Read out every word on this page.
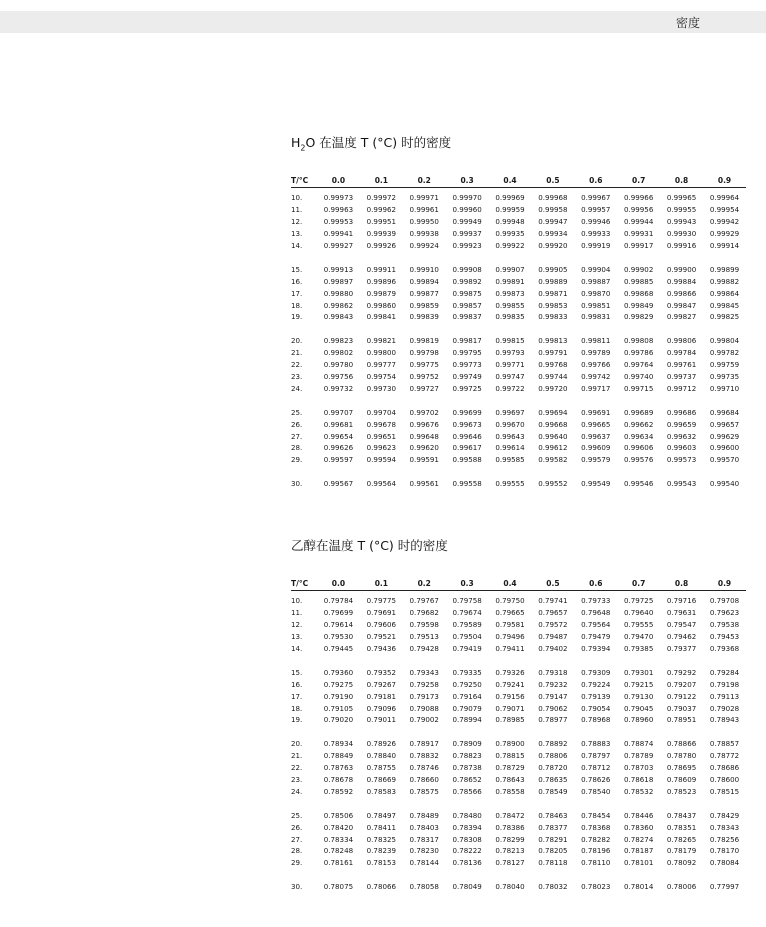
密度
$H_2O$ 在温度 T (°C) 时的密度
T/°C	0.0	0.1	0.2	0.3	0.4	0.5	0.6	0.7	0.8	0.9
10.	0.99973	0.99972	0.99971	0.99970	0.99969	0.99968	0.99967	0.99966	0.99965	0.99964
11.	0.99963	0.99962	0.99961	0.99960	0.99959	0.99958	0.99957	0.99956	0.99955	0.99954
12.	0.99953	0.99951	0.99950	0.99949	0.99948	0.99947	0.99946	0.99944	0.99943	0.99942
13.	0.99941	0.99939	0.99938	0.99937	0.99935	0.99934	0.99933	0.99931	0.99930	0.99929
14.	0.99927	0.99926	0.99924	0.99923	0.99922	0.99920	0.99919	0.99917	0.99916	0.99914

15.	0.99913	0.99911	0.99910	0.99908	0.99907	0.99905	0.99904	0.99902	0.99900	0.99899
16.	0.99897	0.99896	0.99894	0.99892	0.99891	0.99889	0.99887	0.99885	0.99884	0.99882
17.	0.99880	0.99879	0.99877	0.99875	0.99873	0.99871	0.99870	0.99868	0.99866	0.99864
18.	0.99862	0.99860	0.99859	0.99857	0.99855	0.99853	0.99851	0.99849	0.99847	0.99845
19.	0.99843	0.99841	0.99839	0.99837	0.99835	0.99833	0.99831	0.99829	0.99827	0.99825

20.	0.99823	0.99821	0.99819	0.99817	0.99815	0.99813	0.99811	0.99808	0.99806	0.99804
21.	0.99802	0.99800	0.99798	0.99795	0.99793	0.99791	0.99789	0.99786	0.99784	0.99782
22.	0.99780	0.99777	0.99775	0.99773	0.99771	0.99768	0.99766	0.99764	0.99761	0.99759
23.	0.99756	0.99754	0.99752	0.99749	0.99747	0.99744	0.99742	0.99740	0.99737	0.99735
24.	0.99732	0.99730	0.99727	0.99725	0.99722	0.99720	0.99717	0.99715	0.99712	0.99710

25.	0.99707	0.99704	0.99702	0.99699	0.99697	0.99694	0.99691	0.99689	0.99686	0.99684
26.	0.99681	0.99678	0.99676	0.99673	0.99670	0.99668	0.99665	0.99662	0.99659	0.99657
27.	0.99654	0.99651	0.99648	0.99646	0.99643	0.99640	0.99637	0.99634	0.99632	0.99629
28.	0.99626	0.99623	0.99620	0.99617	0.99614	0.99612	0.99609	0.99606	0.99603	0.99600
29.	0.99597	0.99594	0.99591	0.99588	0.99585	0.99582	0.99579	0.99576	0.99573	0.99570

30.	0.99567	0.99564	0.99561	0.99558	0.99555	0.99552	0.99549	0.99546	0.99543	0.99540
乙醇在温度 T (°C) 时的密度
T/°C	0.0	0.1	0.2	0.3	0.4	0.5	0.6	0.7	0.8	0.9
10.	0.79784	0.79775	0.79767	0.79758	0.79750	0.79741	0.79733	0.79725	0.79716	0.79708
11.	0.79699	0.79691	0.79682	0.79674	0.79665	0.79657	0.79648	0.79640	0.79631	0.79623
12.	0.79614	0.79606	0.79598	0.79589	0.79581	0.79572	0.79564	0.79555	0.79547	0.79538
13.	0.79530	0.79521	0.79513	0.79504	0.79496	0.79487	0.79479	0.79470	0.79462	0.79453
14.	0.79445	0.79436	0.79428	0.79419	0.79411	0.79402	0.79394	0.79385	0.79377	0.79368

15.	0.79360	0.79352	0.79343	0.79335	0.79326	0.79318	0.79309	0.79301	0.79292	0.79284
16.	0.79275	0.79267	0.79258	0.79250	0.79241	0.79232	0.79224	0.79215	0.79207	0.79198
17.	0.79190	0.79181	0.79173	0.79164	0.79156	0.79147	0.79139	0.79130	0.79122	0.79113
18.	0.79105	0.79096	0.79088	0.79079	0.79071	0.79062	0.79054	0.79045	0.79037	0.79028
19.	0.79020	0.79011	0.79002	0.78994	0.78985	0.78977	0.78968	0.78960	0.78951	0.78943

20.	0.78934	0.78926	0.78917	0.78909	0.78900	0.78892	0.78883	0.78874	0.78866	0.78857
21.	0.78849	0.78840	0.78832	0.78823	0.78815	0.78806	0.78797	0.78789	0.78780	0.78772
22.	0.78763	0.78755	0.78746	0.78738	0.78729	0.78720	0.78712	0.78703	0.78695	0.78686
23.	0.78678	0.78669	0.78660	0.78652	0.78643	0.78635	0.78626	0.78618	0.78609	0.78600
24.	0.78592	0.78583	0.78575	0.78566	0.78558	0.78549	0.78540	0.78532	0.78523	0.78515

25.	0.78506	0.78497	0.78489	0.78480	0.78472	0.78463	0.78454	0.78446	0.78437	0.78429
26.	0.78420	0.78411	0.78403	0.78394	0.78386	0.78377	0.78368	0.78360	0.78351	0.78343
27.	0.78334	0.78325	0.78317	0.78308	0.78299	0.78291	0.78282	0.78274	0.78265	0.78256
28.	0.78248	0.78239	0.78230	0.78222	0.78213	0.78205	0.78196	0.78187	0.78179	0.78170
29.	0.78161	0.78153	0.78144	0.78136	0.78127	0.78118	0.78110	0.78101	0.78092	0.78084

30.	0.78075	0.78066	0.78058	0.78049	0.78040	0.78032	0.78023	0.78014	0.78006	0.77997
